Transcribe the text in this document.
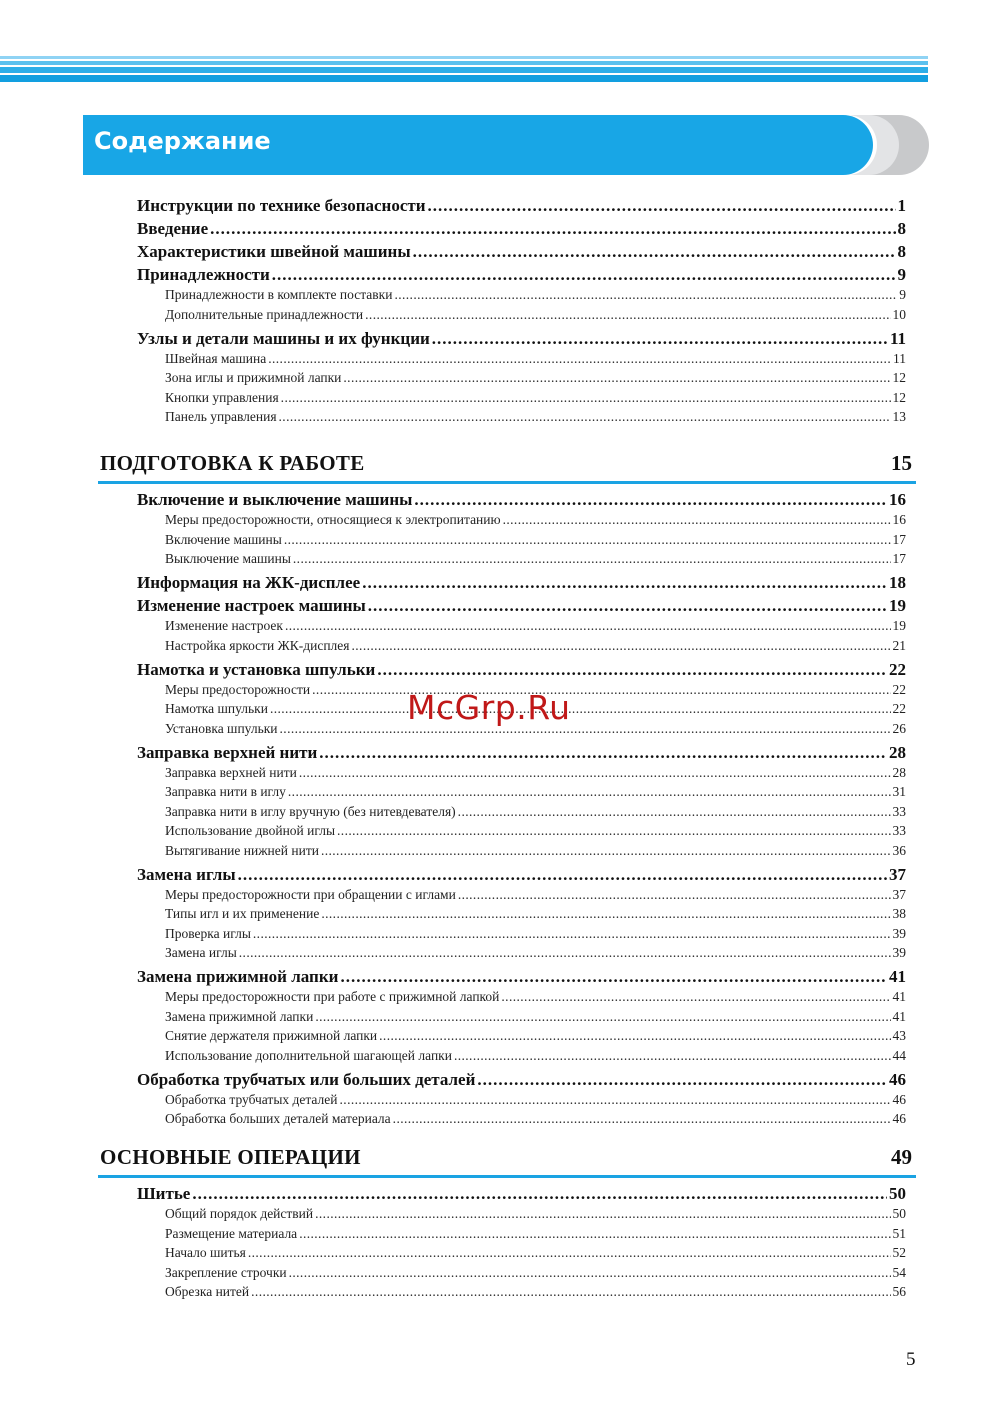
Содержание
Инструкции по технике безопасности .....	1
Введение .....	8
Характеристики швейной машины .....	8
Принадлежности .....	9
Принадлежности в комплекте поставки .....	9
Дополнительные принадлежности .....	10
Узлы и детали машины и их функции .....	11
Швейная машина .....	11
Зона иглы и прижимной лапки .....	12
Кнопки управления .....	12
Панель управления .....	13
ПОДГОТОВКА К РАБОТЕ	15
Включение и выключение машины .....	16
Меры предосторожности, относящиеся к электропитанию .....	16
Включение машины .....	17
Выключение машины .....	17
Информация на ЖК-дисплее .....	18
Изменение настроек машины .....	19
Изменение настроек .....	19
Настройка яркости ЖК-дисплея .....	21
Намотка и установка шпульки .....	22
Меры предосторожности .....	22
Намотка шпульки .....	22
Установка шпульки .....	26
Заправка верхней нити .....	28
Заправка верхней нити .....	28
Заправка нити в иглу .....	31
Заправка нити в иглу вручную (без нитевдевателя) .....	33
Использование двойной иглы .....	33
Вытягивание нижней нити .....	36
Замена иглы .....	37
Меры предосторожности при обращении с иглами .....	37
Типы игл и их применение .....	38
Проверка иглы .....	39
Замена иглы .....	39
Замена прижимной лапки .....	41
Меры предосторожности при работе с прижимной лапкой .....	41
Замена прижимной лапки .....	41
Снятие держателя прижимной лапки .....	43
Использование дополнительной шагающей лапки .....	44
Обработка трубчатых или больших деталей .....	46
Обработка трубчатых деталей .....	46
Обработка больших деталей материала .....	46
ОСНОВНЫЕ ОПЕРАЦИИ	49
Шитье .....	50
Общий порядок действий .....	50
Размещение материала .....	51
Начало шитья .....	52
Закрепление строчки .....	54
Обрезка нитей .....	56
McGrp.Ru
5
